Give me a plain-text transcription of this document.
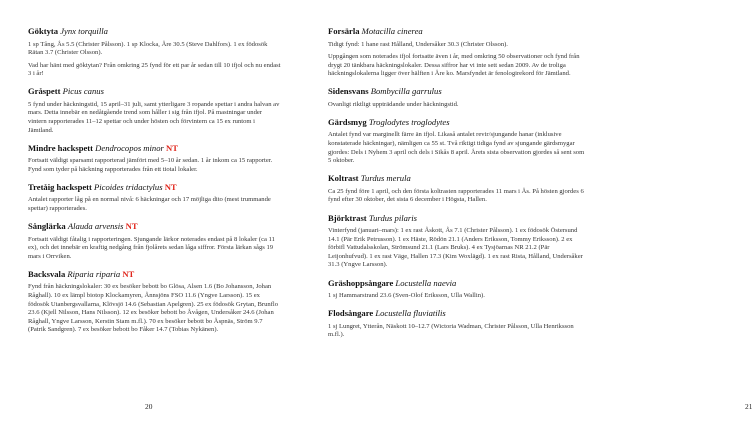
Göktyta Jynx torquilla

1 sp Tång, Ås 5.5 (Christer Pålsson). 1 sp Klocka, Åre 30.5 (Steve Dahlfors). 1 ex födosök Rätan 3.7 (Christer Olsson).

Vad har hänt med göktytan? Från omkring 25 fynd för ett par år sedan till 10 ifjol och nu endast 3 i år!

Gråspett Picus canus

5 fynd under häckningstid, 15 april–31 juli, samt ytterligare 3 ropande spettar i andra halvan av mars. Detta innebär en nedåtgående trend som håller i sig från ifjol. På mastningar under vintern rapporterades 11–12 spettar och under hösten och förvintern ca 15 ex runtom i Jämtland.

Mindre hackspett Dendrocopos minor NT

Fortsatt väldigt sparsamt rapporterad jämfört med 5–10 år sedan. 1 år inkom ca 15 rapporter. Fynd som tyder på häckning rapporterades från ett tiotal lokaler.

Tretåig hackspett Picoides tridactylus NT

Antalet rapporter låg på en normal nivå: 6 häckningar och 17 möjliga dito (mest trummande spettar) rapporterades.

Sånglärka Alauda arvensis NT

Fortsatt väldigt fåtalig i rapporteringen. Sjungande lärkor noterades endast på 8 lokaler (ca 11 ex), och det innebär en kraftig nedgång från fjolårets sedan låga siffror. Första lärkan sågs 19 mars i Orrviken.

Backsvala Riparia riparia NT

Fynd från häckningslokaler: 30 ex besöker bebott bo Glösa, Alsen 1.6 (Bo Johansson, Johan Råghall). 10 ex lämpl biotop Klockamyren, Ånnsjöns FSO 11.6 (Yngve Larsson). 15 ex födosök Utanbergsvallarna, Klövsjö 14.6 (Sebastian Apelgren). 25 ex födosök Grytan, Brunflo 23.6 (Kjell Nilsson, Hans Nilsson). 12 ex besöker bebott bo Åvågen, Undersåker 24.6 (Johan Råghall, Yngve Larsson, Kerstin Stam m.fl.). 70 ex besöker bebott bo Åspnäs, Ström 9.7 (Patrik Sandgren). 7 ex besöker bebott bo Fåker 14.7 (Tobias Nykänen).

20
Forsärla Motacilla cinerea

Tidigt fynd: 1 hane rast Hålland, Undersåker 30.3 (Christer Olsson).

Uppgången som noterades ifjol fortsatte även i år, med omkring 50 observationer och fynd från drygt 20 tänkbara häckningslokaler. Dessa siffror har vi inte sett sedan 2009. Av de troliga häckningslokalerna ligger över hälften i Åre ko. Marsfyndet är fenologirekord för Jämtland.

Sidensvans Bombycilla garrulus

Ovanligt riktligt uppträdande under häckningstid.

Gärdsmyg Troglodytes troglodytes

Antalet fynd var marginellt färre än ifjol. Likaså antalet revir/sjungande hanar (inklusive konstaterade häckningar), nämligen ca 55 st. Två riktigt tidiga fynd av sjungande gärdsmygar gjordes: Dels i Nyhem 3 april och dels i Sikås 8 april. Årets sista observation gjordes så sent som 5 oktober.

Koltrast Turdus merula

Ca 25 fynd före 1 april, och den första koltrasten rapporterades 11 mars i Ås. På hösten gjordes 6 fynd efter 30 oktober, det sista 6 december i Högsta, Hallen.

Björktrast Turdus pilaris

Vinterfynd (januari–mars): 1 ex rast Åskott, Ås 7.1 (Christer Pålsson). 1 ex födosök Östersund 14.1 (Pär Erik Petrusson). 1 ex Häste, Rödön 21.1 (Anders Eriksson, Tommy Eriksson). 2 ex förbifl Vattudalsskolan, Strömsund 21.1 (Lars Bruks). 4 ex Tysjöarnas NR 21.2 (Pär Leijonhufvud). 1 ex rast Väge, Hallen 17.3 (Kim Woxlägd). 1 ex rast Rista, Hålland, Undersåker 31.3 (Yngve Larsson).

Gräshoppsångare Locustella naevia

1 sj Hammarstrand 23.6 (Sven-Olof Eriksson, Ulla Wallin).

Flodsångare Locustella fluviatilis

1 sj Lungret, Ytterån, Näskott 10–12.7 (Wictoria Wadman, Christer Pålsson, Ulla Henriksson m.fl.).

21
